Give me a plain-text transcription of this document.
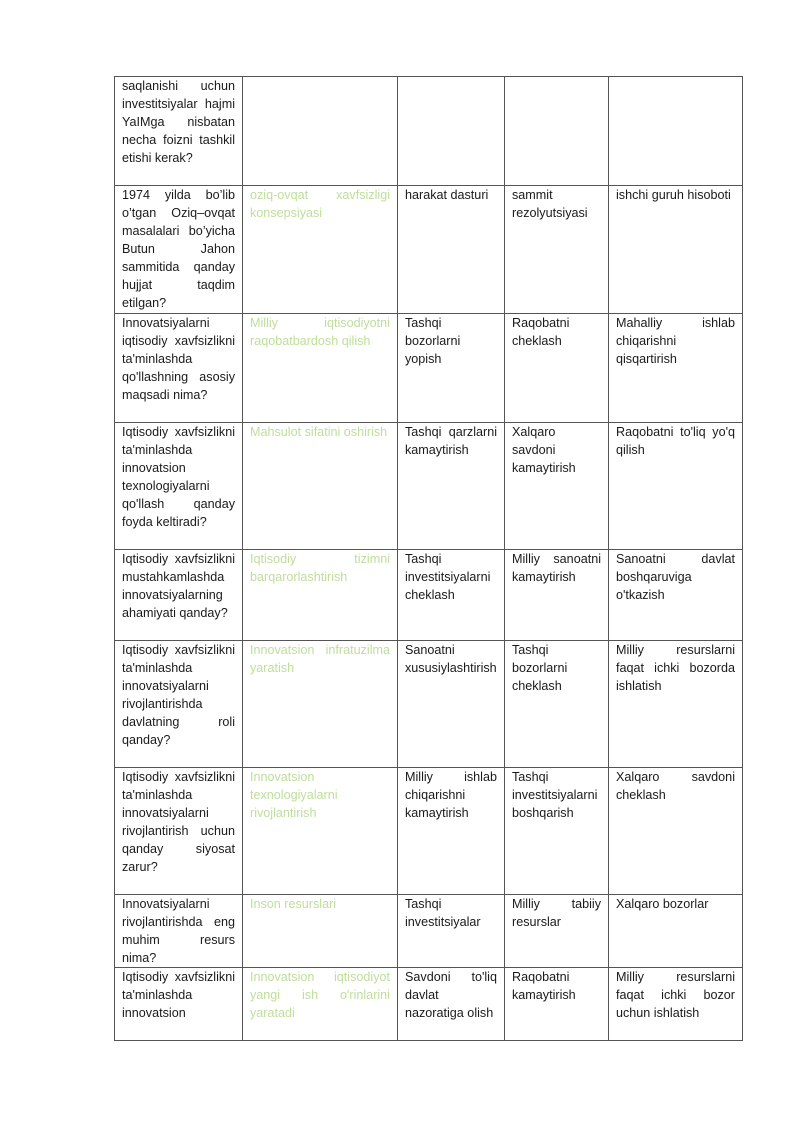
saqlanishi uchun investitsiyalar hajmi YaIMga nisbatan necha foizni tashkil etishi kerak?				
1974 yilda bo’lib o’tgan Oziq–ovqat masalalari bo’yicha Butun Jahon sammitida qanday hujjat taqdim etilgan?	oziq-ovqat xavfsizligi konsepsiyasi	harakat dasturi	sammit rezolyutsiyasi	ishchi guruh hisoboti
Innovatsiyalarni iqtisodiy xavfsizlikni ta'minlashda qo'llashning asosiy maqsadi nima?	Milliy iqtisodiyotni raqobatbardosh qilish	Tashqi bozorlarni yopish	Raqobatni cheklash	Mahalliy ishlab chiqarishni qisqartirish
Iqtisodiy xavfsizlikni ta'minlashda innovatsion texnologiyalarni qo'llash qanday foyda keltiradi?	Mahsulot sifatini oshirish	Tashqi qarzlarni kamaytirish	Xalqaro savdoni kamaytirish	Raqobatni to'liq yo'q qilish
Iqtisodiy xavfsizlikni mustahkamlashda innovatsiyalarning ahamiyati qanday?	Iqtisodiy tizimni barqarorlashtirish	Tashqi investitsiyalarni cheklash	Milliy sanoatni kamaytirish	Sanoatni davlat boshqaruviga o'tkazish
Iqtisodiy xavfsizlikni ta'minlashda innovatsiyalarni rivojlantirishda davlatning roli qanday?	Innovatsion infratuzilma yaratish	Sanoatni xususiylashtirish	Tashqi bozorlarni cheklash	Milliy resurslarni faqat ichki bozorda ishlatish
Iqtisodiy xavfsizlikni ta'minlashda innovatsiyalarni rivojlantirish uchun qanday siyosat zarur?	Innovatsion texnologiyalarni rivojlantirish	Milliy ishlab chiqarishni kamaytirish	Tashqi investitsiyalarni boshqarish	Xalqaro savdoni cheklash
Innovatsiyalarni rivojlantirishda eng muhim resurs nima?	Inson resurslari	Tashqi investitsiyalar	Milliy tabiiy resurslar	Xalqaro bozorlar
Iqtisodiy xavfsizlikni ta'minlashda innovatsion	Innovatsion iqtisodiyot yangi ish o'rinlarini yaratadi	Savdoni to'liq davlat nazoratiga olish	Raqobatni kamaytirish	Milliy resurslarni faqat ichki bozor uchun ishlatish
